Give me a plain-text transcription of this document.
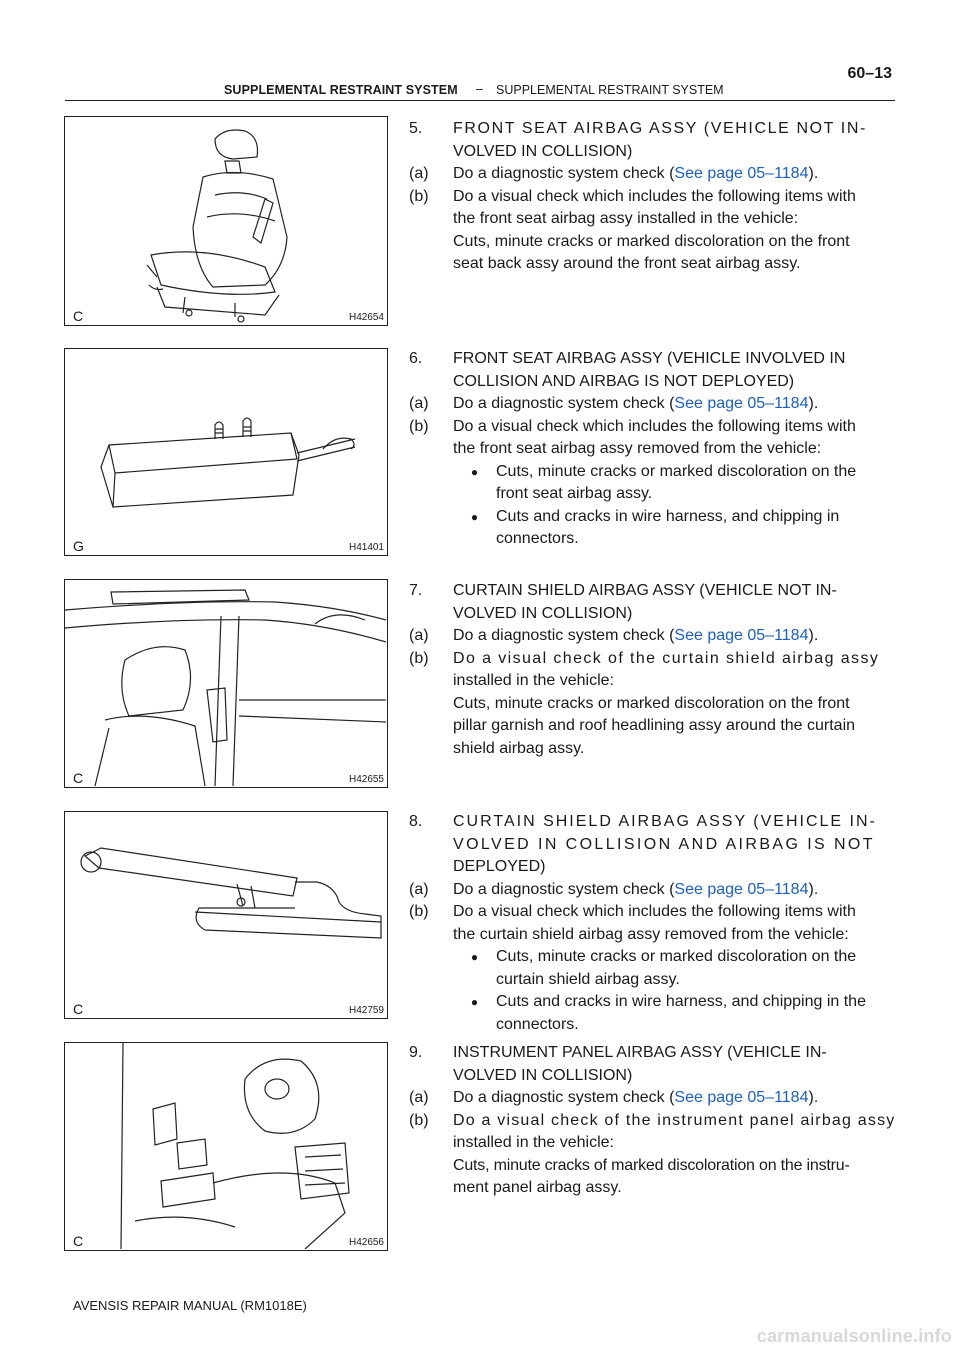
SUPPLEMENTAL RESTRAINT SYSTEM – SUPPLEMENTAL RESTRAINT SYSTEM
60–13
H42654
C
H41401
G
H42655
C
H42759
C
H42656
C
5.	FRONT SEAT AIRBAG ASSY (VEHICLE NOT IN-
VOLVED IN COLLISION)
(a)	Do a diagnostic system check (See page 05–1184).
(b)	Do a visual check which includes the following items with
the front seat airbag assy installed in the vehicle:
Cuts, minute cracks or marked discoloration on the front
seat back assy around the front seat airbag assy.
6.	FRONT SEAT AIRBAG ASSY (VEHICLE INVOLVED IN
COLLISION AND AIRBAG IS NOT DEPLOYED)
(a)	Do a diagnostic system check (See page 05–1184).
(b)	Do a visual check which includes the following items with
the front seat airbag assy removed from the vehicle:
●	Cuts, minute cracks or marked discoloration on the
front seat airbag assy.
●	Cuts and cracks in wire harness, and chipping in
connectors.
7.	CURTAIN SHIELD AIRBAG ASSY (VEHICLE NOT IN-
VOLVED IN COLLISION)
(a)	Do a diagnostic system check (See page 05–1184).
(b)	Do a visual check of the curtain shield airbag assy
installed in the vehicle:
Cuts, minute cracks or marked discoloration on the front
pillar garnish and roof headlining assy around the curtain
shield airbag assy.
8.	CURTAIN SHIELD AIRBAG ASSY (VEHICLE IN-
VOLVED IN COLLISION AND AIRBAG IS NOT
DEPLOYED)
(a)	Do a diagnostic system check (See page 05–1184).
(b)	Do a visual check which includes the following items with
the curtain shield airbag assy removed from the vehicle:
●	Cuts, minute cracks or marked discoloration on the
curtain shield airbag assy.
●	Cuts and cracks in wire harness, and chipping in the
connectors.
9.	INSTRUMENT PANEL AIRBAG ASSY (VEHICLE IN-
VOLVED IN COLLISION)
(a)	Do a diagnostic system check (See page 05–1184).
(b)	Do a visual check of the instrument panel airbag assy
installed in the vehicle:
Cuts, minute cracks of marked discoloration on the instru-
ment panel airbag assy.
AVENSIS REPAIR MANUAL (RM1018E)
carmanualsonline.info
